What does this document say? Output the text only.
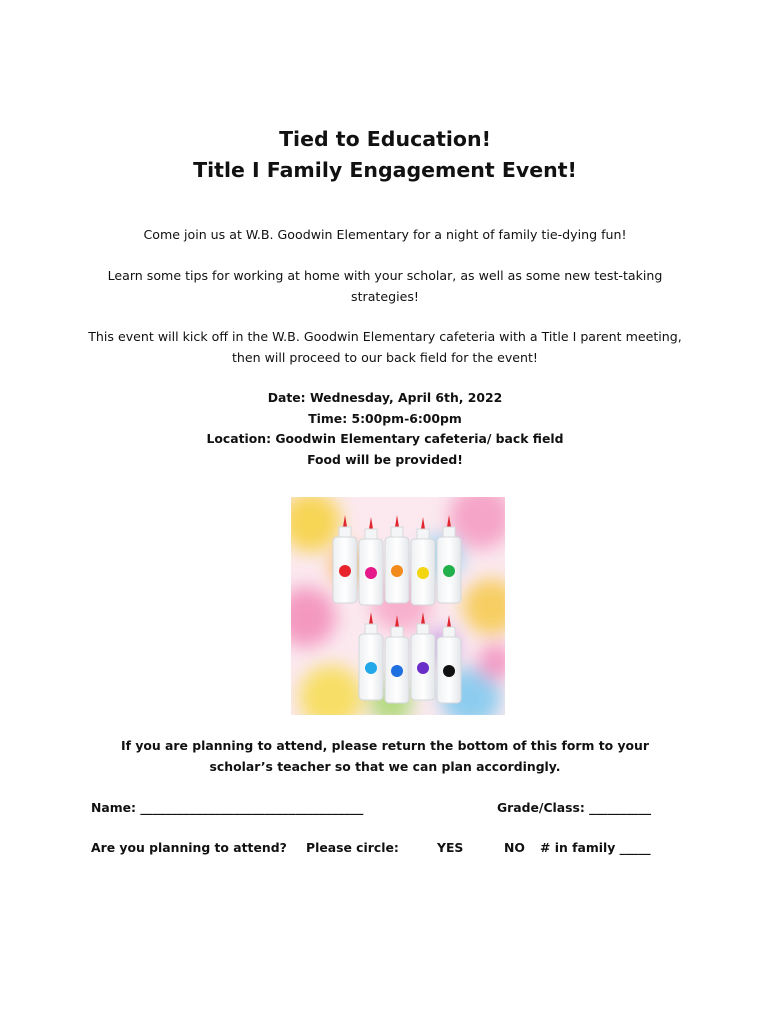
Tied to Education!
Title I Family Engagement Event!
Come join us at W.B. Goodwin Elementary for a night of family tie-dying fun!
Learn some tips for working at home with your scholar, as well as some new test-taking strategies!
This event will kick off in the W.B. Goodwin Elementary cafeteria with a Title I parent meeting, then will proceed to our back field for the event!
Date: Wednesday, April 6th, 2022
Time: 5:00pm-6:00pm
Location: Goodwin Elementary cafeteria/ back field
Food will be provided!
If you are planning to attend, please return the bottom of this form to your
scholar’s teacher so that we can plan accordingly.
Name: ____________________________________	Grade/Class: __________
Are you planning to attend? Please circle:	YES	NO # in family _____
